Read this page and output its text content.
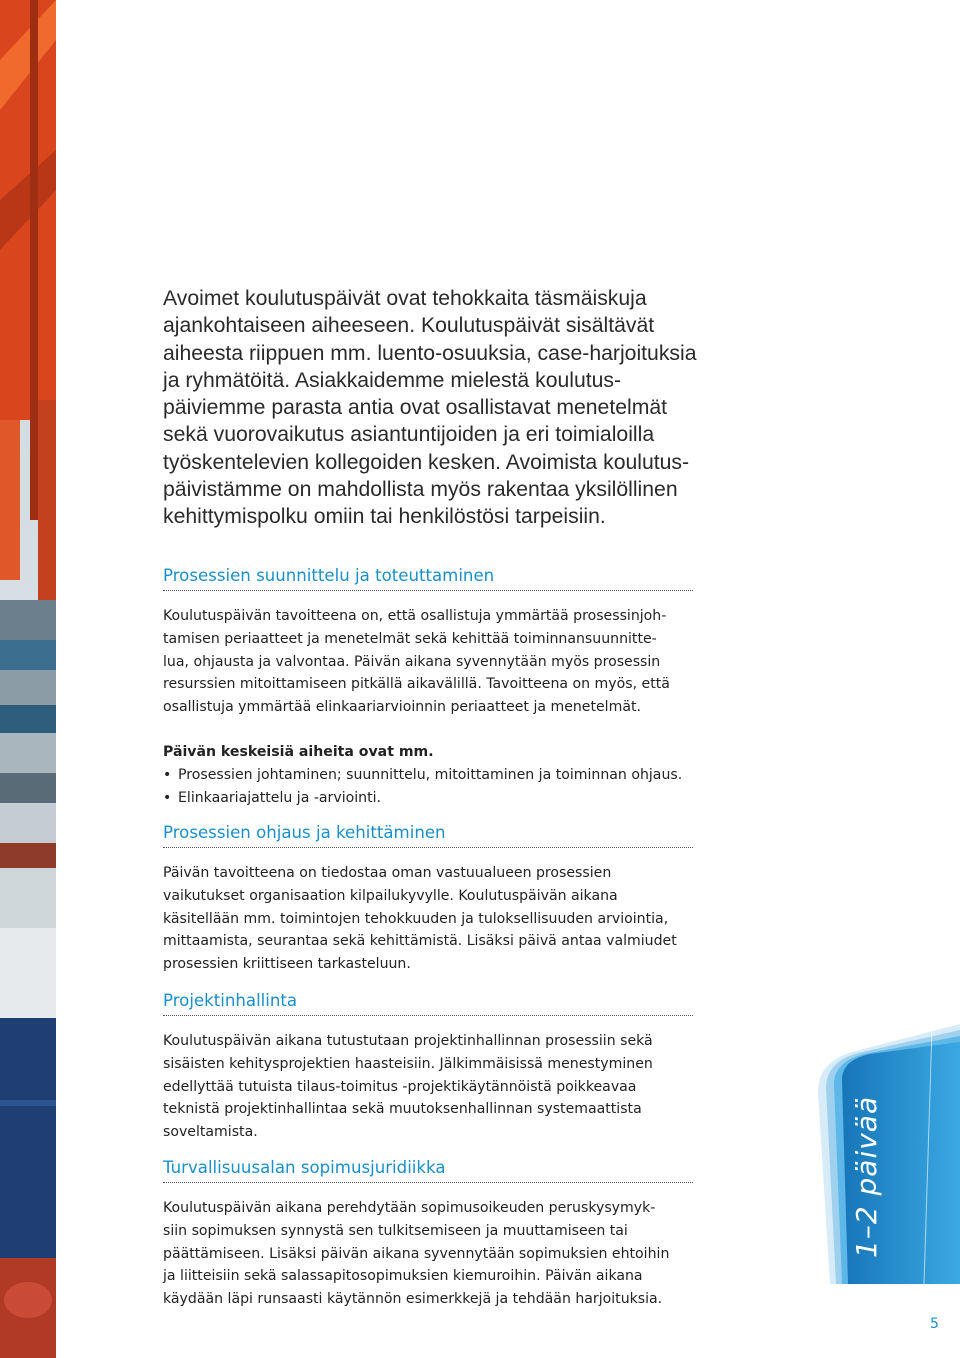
Avoimet koulutuspäivät ovat tehokkaita täsmäiskuja

ajankohtaiseen aiheeseen. Koulutuspäivät sisältävät

aiheesta riippuen mm. luento-osuuksia, case-harjoituksia

ja ryhmätöitä. Asiakkaidemme mielestä koulutus-

päiviemme parasta antia ovat osallistavat menetelmät

sekä vuorovaikutus asiantuntijoiden ja eri toimialoilla

työskentelevien kollegoiden kesken. Avoimista koulutus-

päivistämme on mahdollista myös rakentaa yksilöllinen

kehittymispolku omiin tai henkilöstösi tarpeisiin.

Prosessien suunnittelu ja toteuttaminen

Koulutuspäivän tavoitteena on, että osallistuja ymmärtää prosessinjoh-

tamisen periaatteet ja menetelmät sekä kehittää toiminnansuunnitte-

lua, ohjausta ja valvontaa. Päivän aikana syvennytään myös prosessin

resurssien mitoittamiseen pitkällä aikavälillä. Tavoitteena on myös, että

osallistuja ymmärtää elinkaariarvioinnin periaatteet ja menetelmät.

Päivän keskeisiä aiheita ovat mm.
• Prosessien johtaminen; suunnittelu, mitoittaminen ja toiminnan ohjaus.
• Elinkaariajattelu ja -arviointi.
Prosessien ohjaus ja kehittäminen

Päivän tavoitteena on tiedostaa oman vastuualueen prosessien

vaikutukset organisaation kilpailukyvylle. Koulutuspäivän aikana

käsitellään mm. toimintojen tehokkuuden ja tuloksellisuuden arviointia,

mittaamista, seurantaa sekä kehittämistä. Lisäksi päivä antaa valmiudet

prosessien kriittiseen tarkasteluun.

Projektinhallinta

Koulutuspäivän aikana tutustutaan projektinhallinnan prosessiin sekä

sisäisten kehitysprojektien haasteisiin. Jälkimmäisissä menestyminen

edellyttää tutuista tilaus-toimitus -projektikäytännöistä poikkeavaa

teknistä projektinhallintaa sekä muutoksenhallinnan systemaattista

soveltamista.

Turvallisuusalan sopimusjuridiikka

Koulutuspäivän aikana perehdytään sopimusoikeuden peruskysymyk-

siin sopimuksen synnystä sen tulkitsemiseen ja muuttamiseen tai

päättämiseen. Lisäksi päivän aikana syvennytään sopimuksien ehtoihin

ja liitteisiin sekä salassapitosopimuksien kiemuroihin. Päivän aikana

käydään läpi runsaasti käytännön esimerkkejä ja tehdään harjoituksia.

1–2 päivää
5
